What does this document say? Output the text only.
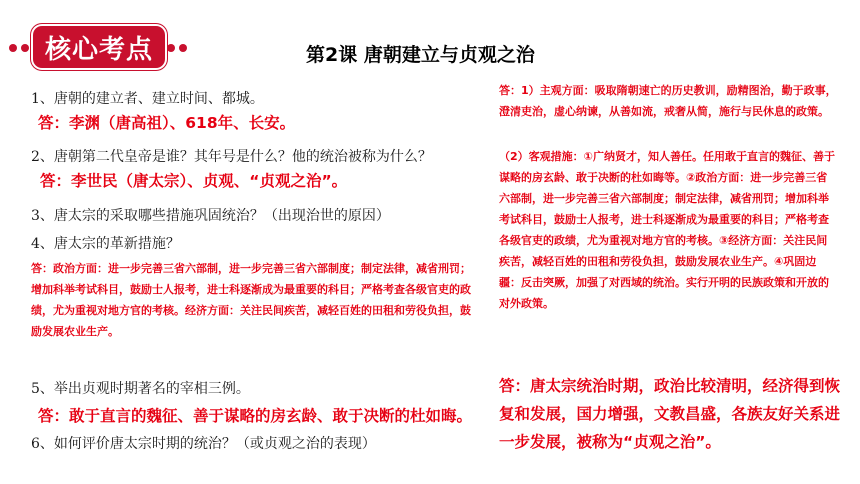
核心考点	第2课 唐朝建立与贞观之治
1、唐朝的建立者、建立时间、都城。
答：李渊（唐高祖）、618年、长安。
2、唐朝第二代皇帝是谁？其年号是什么？他的统治被称为什么？
答：李世民（唐太宗）、贞观、“贞观之治”。
3、唐太宗的采取哪些措施巩固统治？（出现治世的原因）
4、唐太宗的革新措施？
答：政治方面：进一步完善三省六部制，进一步完善三省六部制度；制定法律，减省刑罚；增加科举考试科目，鼓励士人报考，进士科逐渐成为最重要的科目；严格考查各级官吏的政绩，尤为重视对地方官的考核。经济方面：关注民间疾苦，减轻百姓的田租和劳役负担，鼓励发展农业生产。
答：1）主观方面：吸取隋朝速亡的历史教训，励精图治，勤于政事，澄清吏治，虚心纳谏，从善如流，戒奢从简，施行与民休息的政策。
（2）客观措施：①广纳贤才，知人善任。任用敢于直言的魏征、善于谋略的房玄龄、敢于决断的杜如晦等。②政治方面：进一步完善三省六部制，进一步完善三省六部制度；制定法律，减省刑罚；增加科举考试科目，鼓励士人报考，进士科逐渐成为最重要的科目；严格考查各级官吏的政绩，尤为重视对地方官的考核。③经济方面：关注民间疾苦，减轻百姓的田租和劳役负担，鼓励发展农业生产。④巩固边疆：反击突厥，加强了对西域的统治。实行开明的民族政策和开放的对外政策。
5、举出贞观时期著名的宰相三例。
答：敢于直言的魏征、善于谋略的房玄龄、敢于决断的杜如晦。
6、如何评价唐太宗时期的统治？（或贞观之治的表现）
答：唐太宗统治时期，政治比较清明，经济得到恢复和发展，国力增强，文教昌盛，各族友好关系进一步发展，被称为“贞观之治”。
